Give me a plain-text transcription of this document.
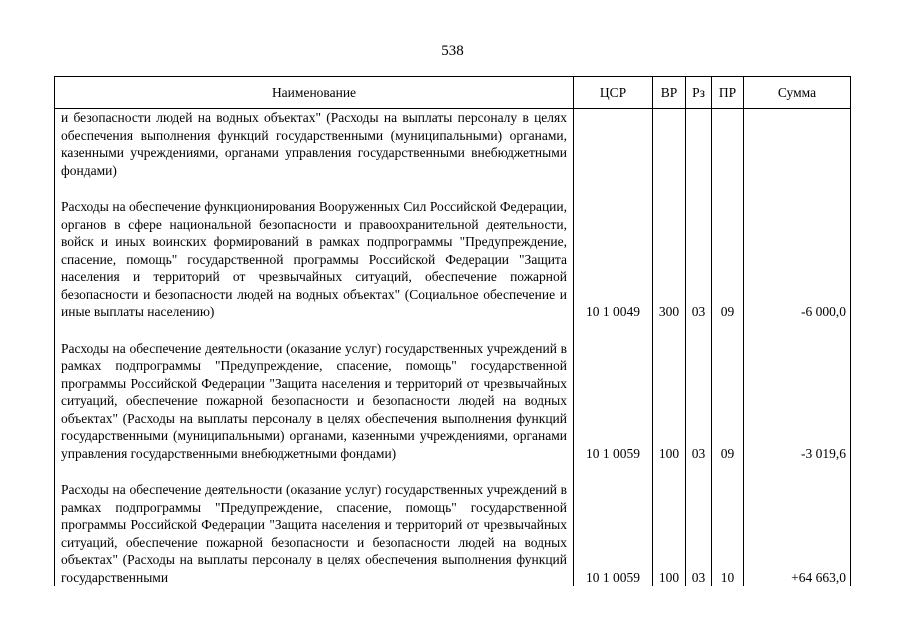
538
Наименование	ЦСР	ВР	Рз	ПР	Сумма
и безопасности людей на водных объектах" (Расходы на выплаты персоналу в целях обеспечения выполнения функций государственными (муниципальными) органами, казенными учреждениями, органами управления государственными внебюджетными фондами)					

Расходы на обеспечение функционирования Вооруженных Сил Российской Федерации, органов в сфере национальной безопасности и правоохранительной деятельности, войск и иных воинских формирований в рамках подпрограммы "Предупреждение, спасение, помощь" государственной программы Российской Федерации "Защита населения и территорий от чрезвычайных ситуаций, обеспечение пожарной безопасности и безопасности людей на водных объектах" (Социальное обеспечение и иные выплаты населению)	10 1 0049	300	03	09	-6 000,0

Расходы на обеспечение деятельности (оказание услуг) государственных учреждений в рамках подпрограммы "Предупреждение, спасение, помощь" государственной программы Российской Федерации "Защита населения и территорий от чрезвычайных ситуаций, обеспечение пожарной безопасности и безопасности людей на водных объектах" (Расходы на выплаты персоналу в целях обеспечения выполнения функций государственными (муниципальными) органами, казенными учреждениями, органами управления государственными внебюджетными фондами)	10 1 0059	100	03	09	-3 019,6

Расходы на обеспечение деятельности (оказание услуг) государственных учреждений в рамках подпрограммы "Предупреждение, спасение, помощь" государственной программы Российской Федерации "Защита населения и территорий от чрезвычайных ситуаций, обеспечение пожарной безопасности и безопасности людей на водных объектах" (Расходы на выплаты персоналу в целях обеспечения выполнения функций государственными	10 1 0059	100	03	10	+64 663,0
